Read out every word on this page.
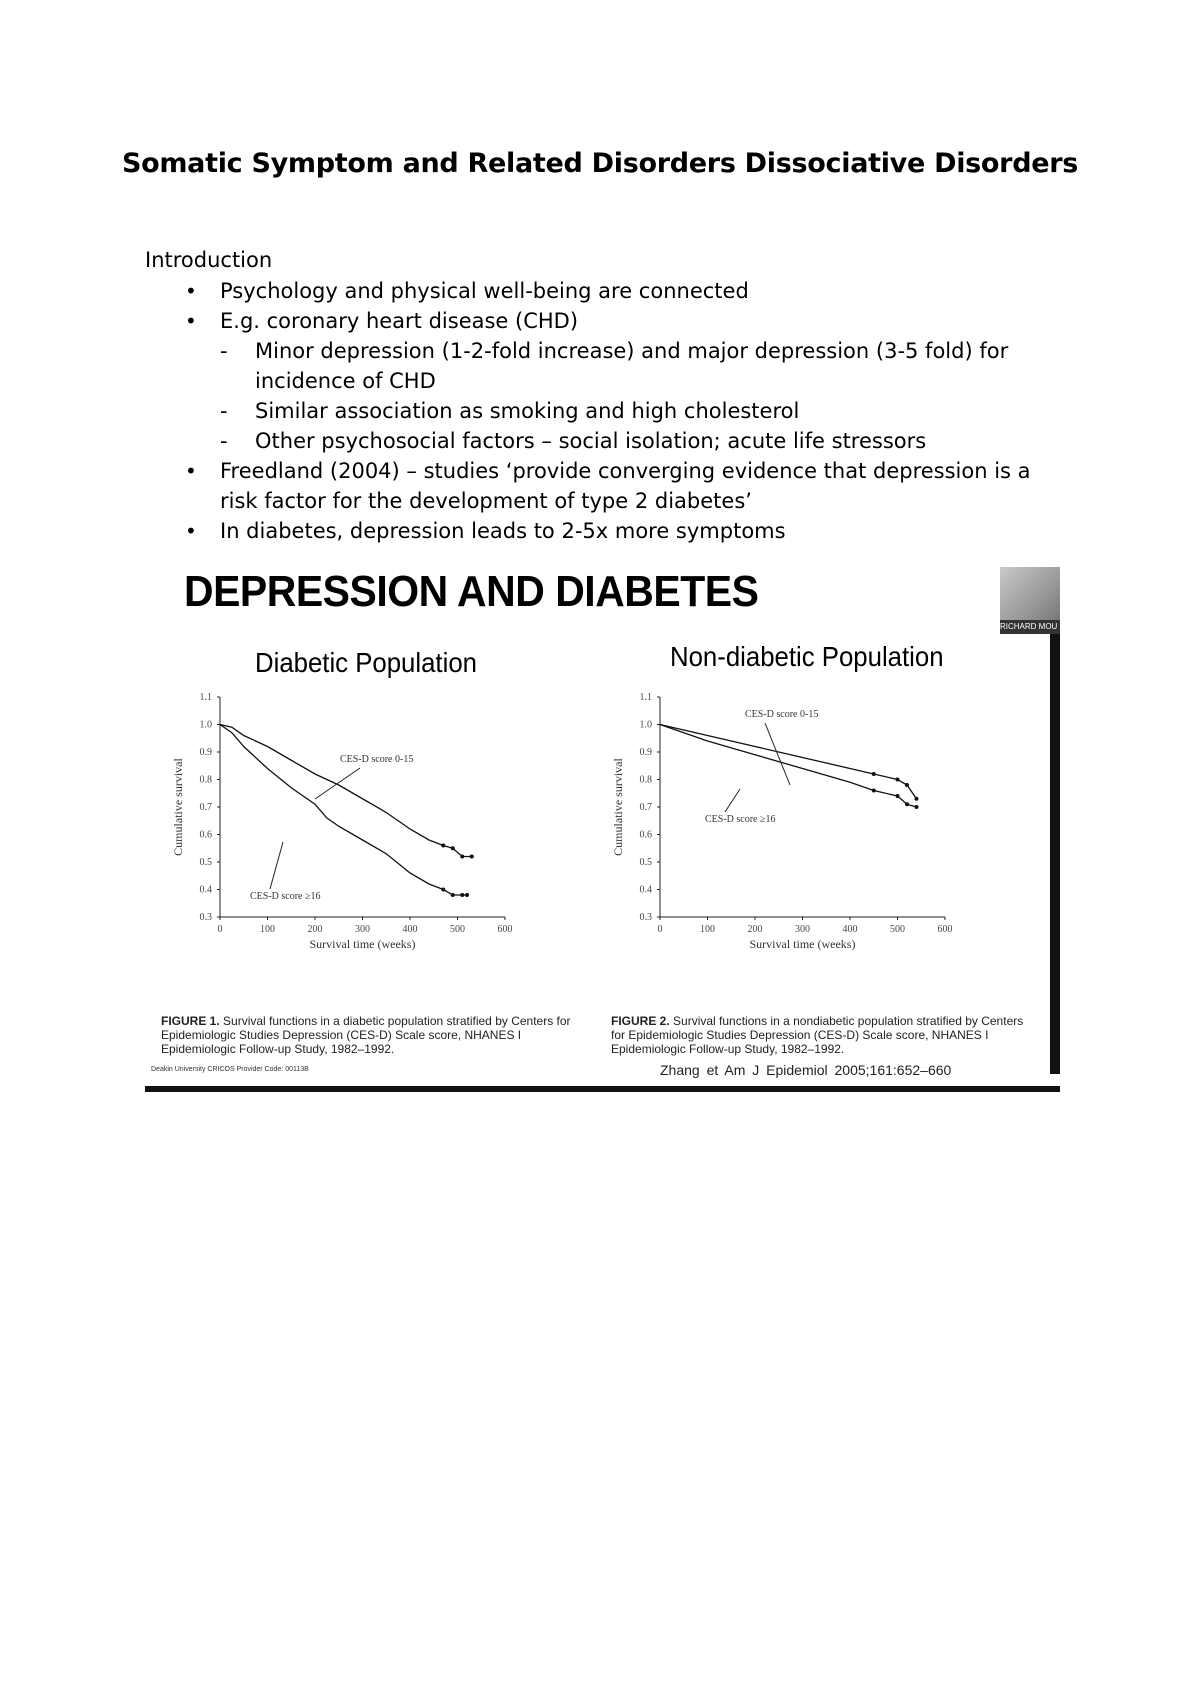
Somatic Symptom and Related Disorders Dissociative Disorders
Introduction
• Psychology and physical well-being are connected
• E.g. coronary heart disease (CHD)
- Minor depression (1-2-fold increase) and major depression (3-5 fold) for incidence of CHD
- Similar association as smoking and high cholesterol
- Other psychosocial factors – social isolation; acute life stressors
• Freedland (2004) – studies ‘provide converging evidence that depression is a risk factor for the development of type 2 diabetes’
• In diabetes, depression leads to 2-5x more symptoms
DEPRESSION AND DIABETES
RICHARD MOU
Diabetic Population	Non-diabetic Population
0.3
0.4
0.5
0.6
0.7
0.8
0.9
1.0
1.1
0	100	200	300	400	500	600
Survival time (weeks)
Cumulative survival	CES-D score 0-15
CES-D score ≥16
0.3
0.4
0.5
0.6
0.7
0.8
0.9
1.0
1.1
0	100	200	300	400	500	600
Survival time (weeks)
Cumulative survival
CES-D score 0-15
CES-D score ≥16
FIGURE 1. Survival functions in a diabetic population stratified by Centers for Epidemiologic Studies Depression (CES-D) Scale score, NHANES I Epidemiologic Follow-up Study, 1982–1992.
FIGURE 2. Survival functions in a nondiabetic population stratified by Centers for Epidemiologic Studies Depression (CES-D) Scale score, NHANES I Epidemiologic Follow-up Study, 1982–1992.
Deakin University CRICOS Provider Code: 00113B	Zhang et Am J Epidemiol 2005;161:652–660
